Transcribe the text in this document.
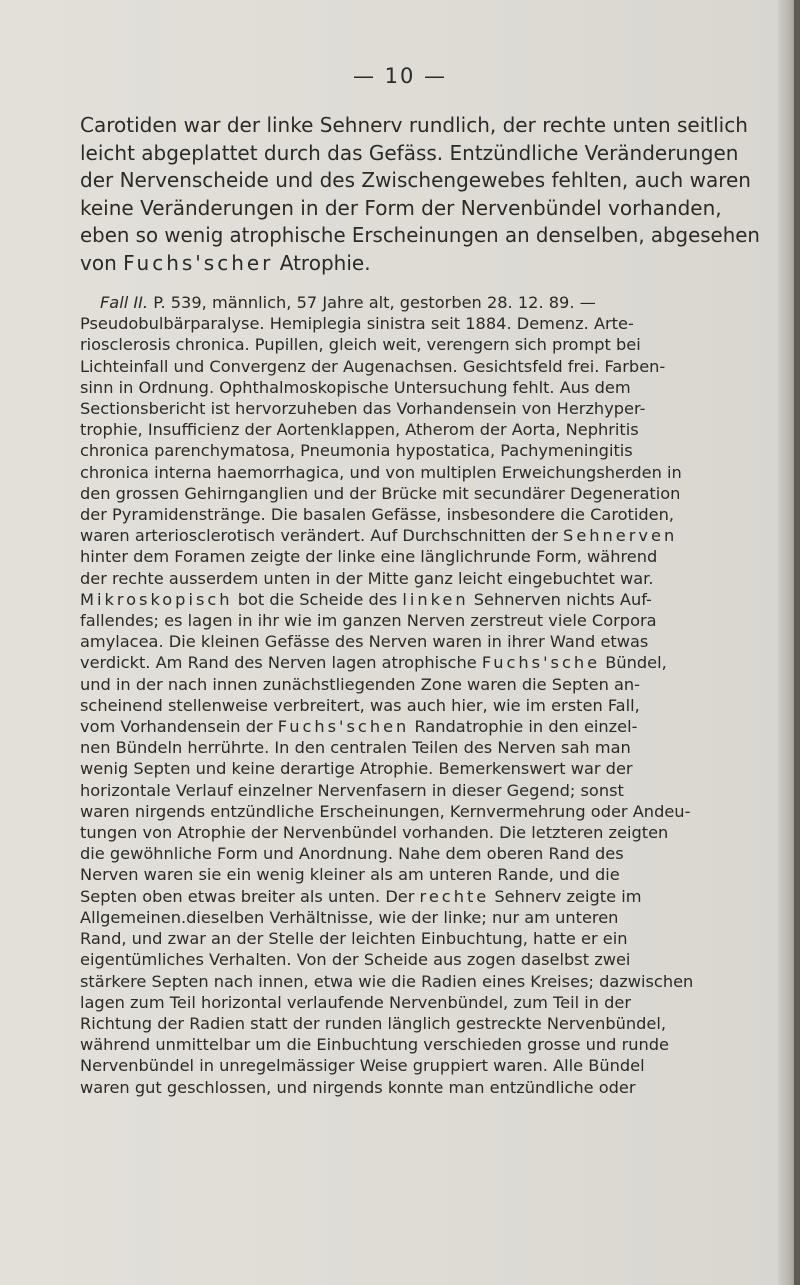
— 10 —
Carotiden war der linke Sehnerv rundlich, der rechte unten seitlich
leicht abgeplattet durch das Gefäss. Entzündliche Veränderungen
der Nervenscheide und des Zwischengewebes fehlten, auch waren
keine Veränderungen in der Form der Nervenbündel vorhanden,
eben so wenig atrophische Erscheinungen an denselben, abgesehen
von Fuchs'scher Atrophie.
Fall II. P. 539, männlich, 57 Jahre alt, gestorben 28. 12. 89. —
Pseudobulbärparalyse. Hemiplegia sinistra seit 1884. Demenz. Arte-
riosclerosis chronica. Pupillen, gleich weit, verengern sich prompt bei
Lichteinfall und Convergenz der Augenachsen. Gesichtsfeld frei. Farben-
sinn in Ordnung. Ophthalmoskopische Untersuchung fehlt. Aus dem
Sectionsbericht ist hervorzuheben das Vorhandensein von Herzhyper-
trophie, Insufficienz der Aortenklappen, Atherom der Aorta, Nephritis
chronica parenchymatosa, Pneumonia hypostatica, Pachymeningitis
chronica interna haemorrhagica, und von multiplen Erweichungsherden in
den grossen Gehirnganglien und der Brücke mit secundärer Degeneration
der Pyramidenstränge. Die basalen Gefässe, insbesondere die Carotiden,
waren arteriosclerotisch verändert. Auf Durchschnitten der Sehnerven
hinter dem Foramen zeigte der linke eine länglichrunde Form, während
der rechte ausserdem unten in der Mitte ganz leicht eingebuchtet war.
Mikroskopisch bot die Scheide des linken Sehnerven nichts Auf-
fallendes; es lagen in ihr wie im ganzen Nerven zerstreut viele Corpora
amylacea. Die kleinen Gefässe des Nerven waren in ihrer Wand etwas
verdickt. Am Rand des Nerven lagen atrophische Fuchs'sche Bündel,
und in der nach innen zunächstliegenden Zone waren die Septen an-
scheinend stellenweise verbreitert, was auch hier, wie im ersten Fall,
vom Vorhandensein der Fuchs'schen Randatrophie in den einzel-
nen Bündeln herrührte. In den centralen Teilen des Nerven sah man
wenig Septen und keine derartige Atrophie. Bemerkenswert war der
horizontale Verlauf einzelner Nervenfasern in dieser Gegend; sonst
waren nirgends entzündliche Erscheinungen, Kernvermehrung oder Andeu-
tungen von Atrophie der Nervenbündel vorhanden. Die letzteren zeigten
die gewöhnliche Form und Anordnung. Nahe dem oberen Rand des
Nerven waren sie ein wenig kleiner als am unteren Rande, und die
Septen oben etwas breiter als unten. Der rechte Sehnerv zeigte im
Allgemeinen.dieselben Verhältnisse, wie der linke; nur am unteren
Rand, und zwar an der Stelle der leichten Einbuchtung, hatte er ein
eigentümliches Verhalten. Von der Scheide aus zogen daselbst zwei
stärkere Septen nach innen, etwa wie die Radien eines Kreises; dazwischen
lagen zum Teil horizontal verlaufende Nervenbündel, zum Teil in der
Richtung der Radien statt der runden länglich gestreckte Nervenbündel,
während unmittelbar um die Einbuchtung verschieden grosse und runde
Nervenbündel in unregelmässiger Weise gruppiert waren. Alle Bündel
waren gut geschlossen, und nirgends konnte man entzündliche oder
